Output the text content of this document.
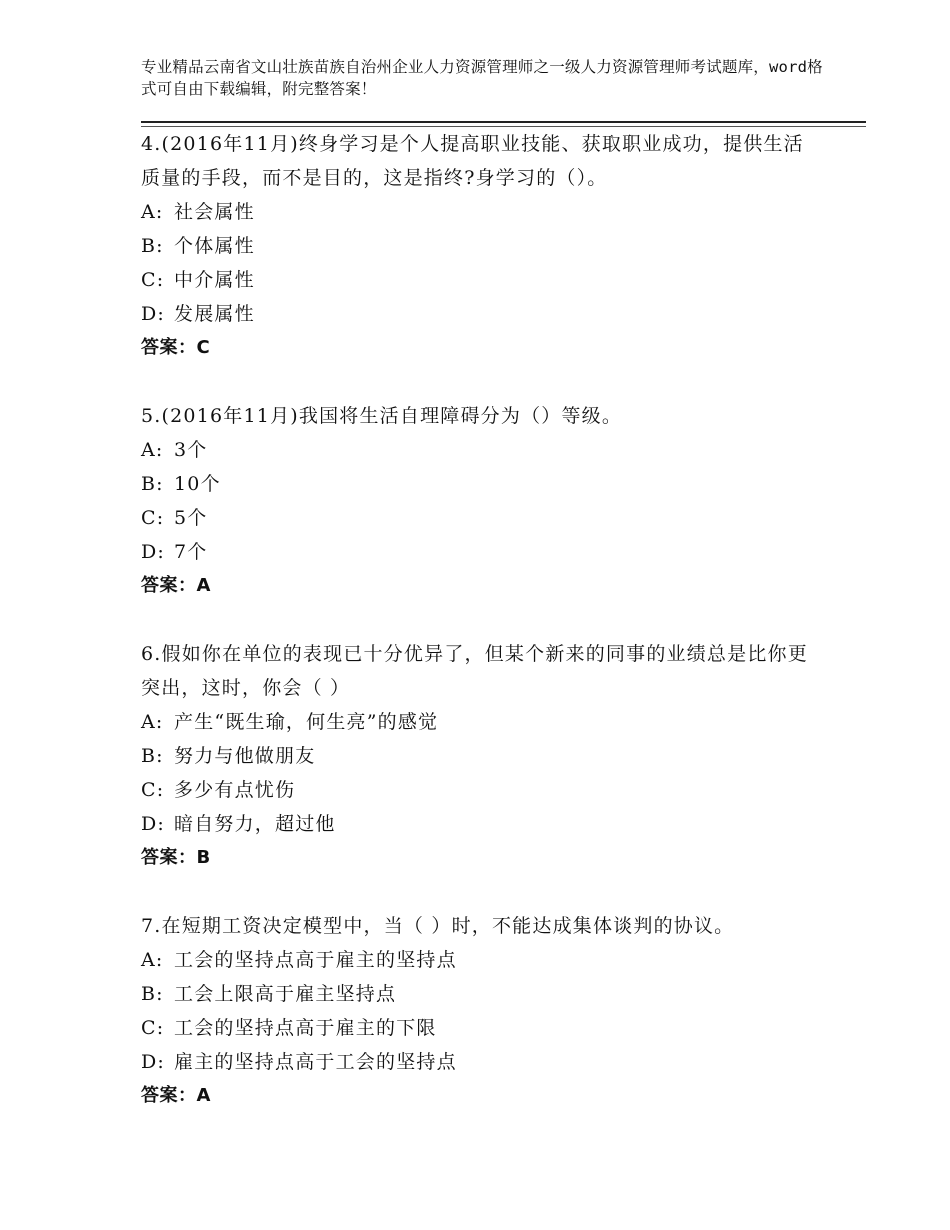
专业精品云南省文山壮族苗族自治州企业人力资源管理师之一级人力资源管理师考试题库，word格式可自由下载编辑，附完整答案！

4.(2016年11月)终身学习是个人提高职业技能、获取职业成功，提供生活质量的手段，而不是目的，这是指终?身学习的（）。

A: 社会属性

B: 个体属性

C: 中介属性

D: 发展属性

答案：C

5.(2016年11月)我国将生活自理障碍分为（）等级。

A: 3个

B: 10个

C: 5个

D: 7个

答案：A

6.假如你在单位的表现已十分优异了，但某个新来的同事的业绩总是比你更突出，这时，你会（ ）

A: 产生“既生瑜，何生亮”的感觉

B: 努力与他做朋友

C: 多少有点忧伤

D: 暗自努力，超过他

答案：B

7.在短期工资决定模型中，当（ ）时，不能达成集体谈判的协议。

A: 工会的坚持点高于雇主的坚持点

B: 工会上限高于雇主坚持点

C: 工会的坚持点高于雇主的下限

D: 雇主的坚持点高于工会的坚持点

答案：A
